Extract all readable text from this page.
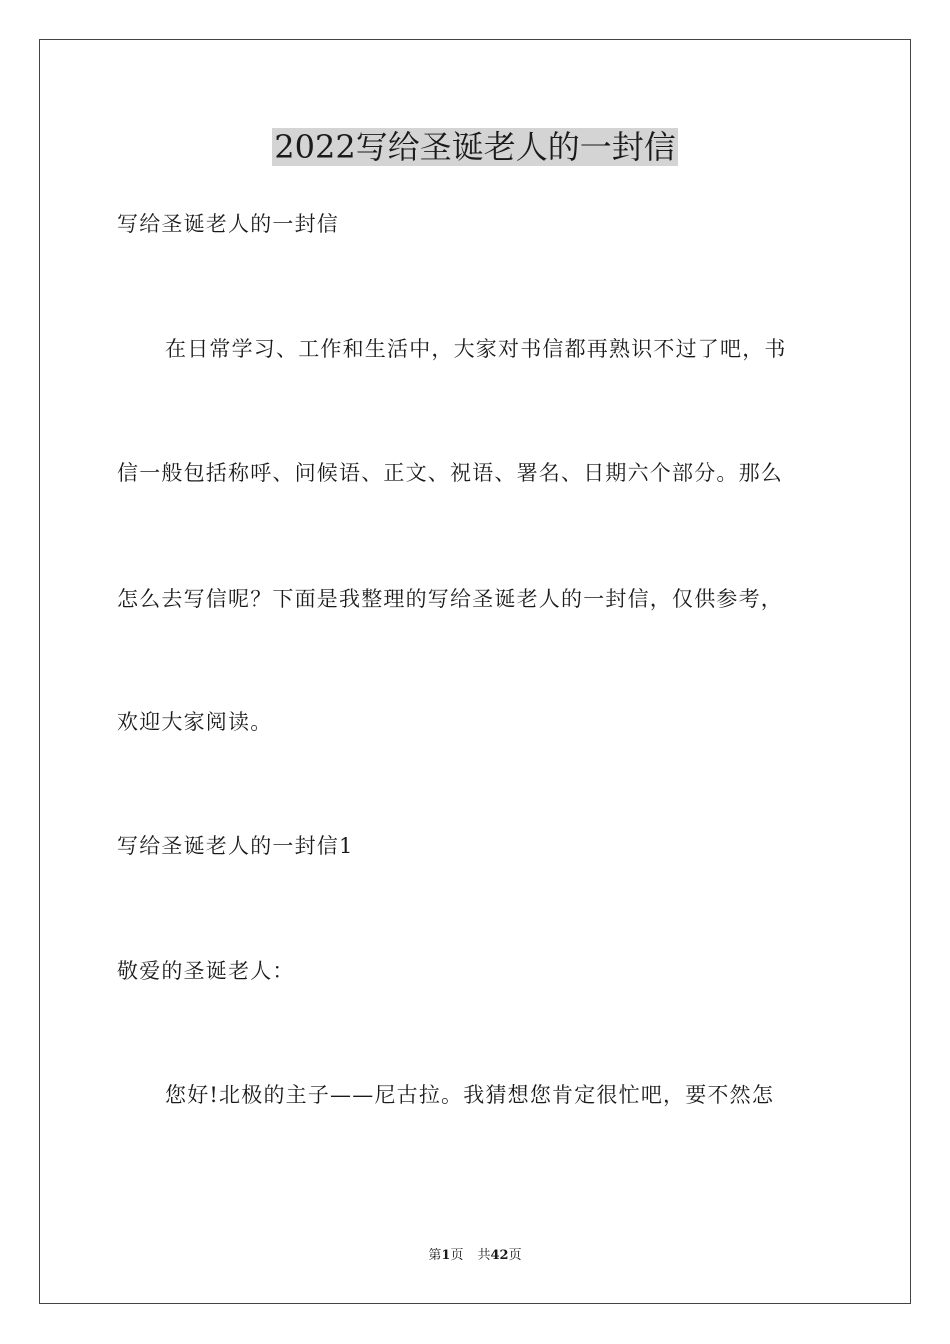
2022写给圣诞老人的一封信
写给圣诞老人的一封信
在日常学习、工作和生活中，大家对书信都再熟识不过了吧，书
信一般包括称呼、问候语、正文、祝语、署名、日期六个部分。那么
怎么去写信呢？下面是我整理的写给圣诞老人的一封信，仅供参考，
欢迎大家阅读。
写给圣诞老人的一封信1
敬爱的圣诞老人：
您好!北极的主子——尼古拉。我猜想您肯定很忙吧，要不然怎
第1页 共42页
